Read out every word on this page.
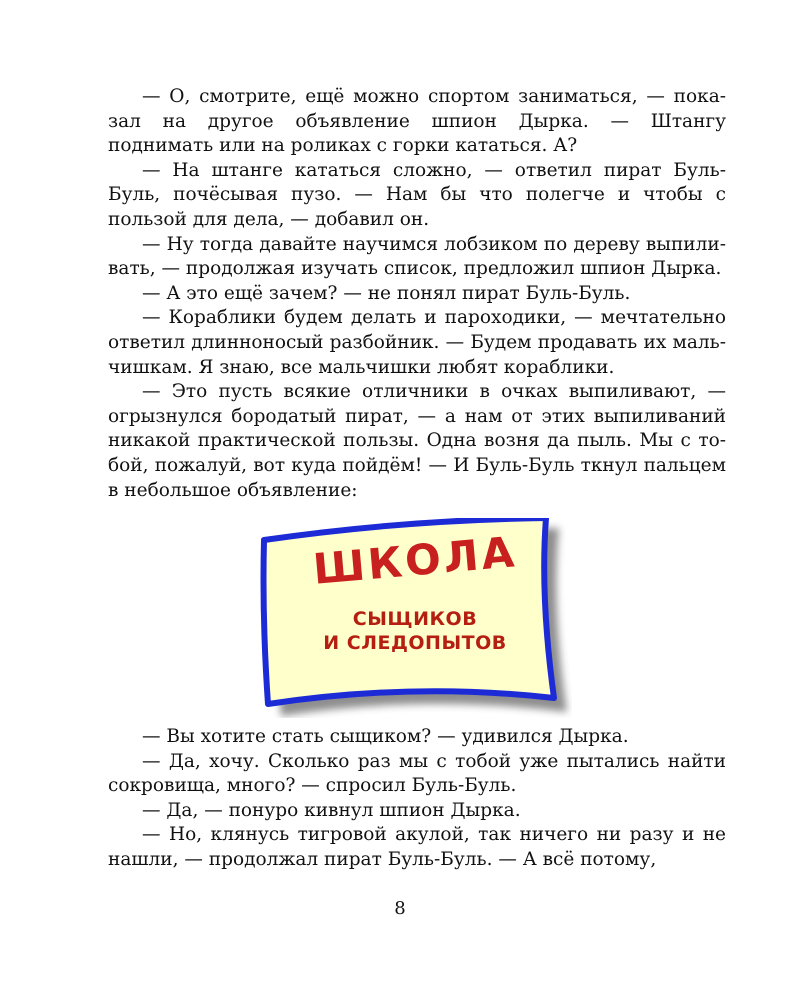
— О, смотрите, ещё можно спортом заниматься, — показал на другое объявление шпион Дырка. — Штангу поднимать или на роликах с горки кататься. А?

— На штанге кататься сложно, — ответил пират Буль-Буль, почёсывая пузо. — Нам бы что полегче и чтобы с пользой для дела, — добавил он.

— Ну тогда давайте научимся лобзиком по дереву выпиливать, — продолжая изучать список, предложил шпион Дырка.

— А это ещё зачем? — не понял пират Буль-Буль.

— Кораблики будем делать и пароходики, — мечтательно ответил длинноносый разбойник. — Будем продавать их мальчишкам. Я знаю, все мальчишки любят кораблики.

— Это пусть всякие отличники в очках выпиливают, — огрызнулся бородатый пират, — а нам от этих выпиливаний никакой практической пользы. Одна возня да пыль. Мы с тобой, пожалуй, вот куда пойдём! — И Буль-Буль ткнул пальцем в небольшое объявление:

ШКОЛА
СЫЩИКОВ
И СЛЕДОПЫТОВ

— Вы хотите стать сыщиком? — удивился Дырка.

— Да, хочу. Сколько раз мы с тобой уже пытались найти сокровища, много? — спросил Буль-Буль.

— Да, — понуро кивнул шпион Дырка.

— Но, клянусь тигровой акулой, так ничего ни разу и не нашли, — продолжал пират Буль-Буль. — А всё потому,

8
